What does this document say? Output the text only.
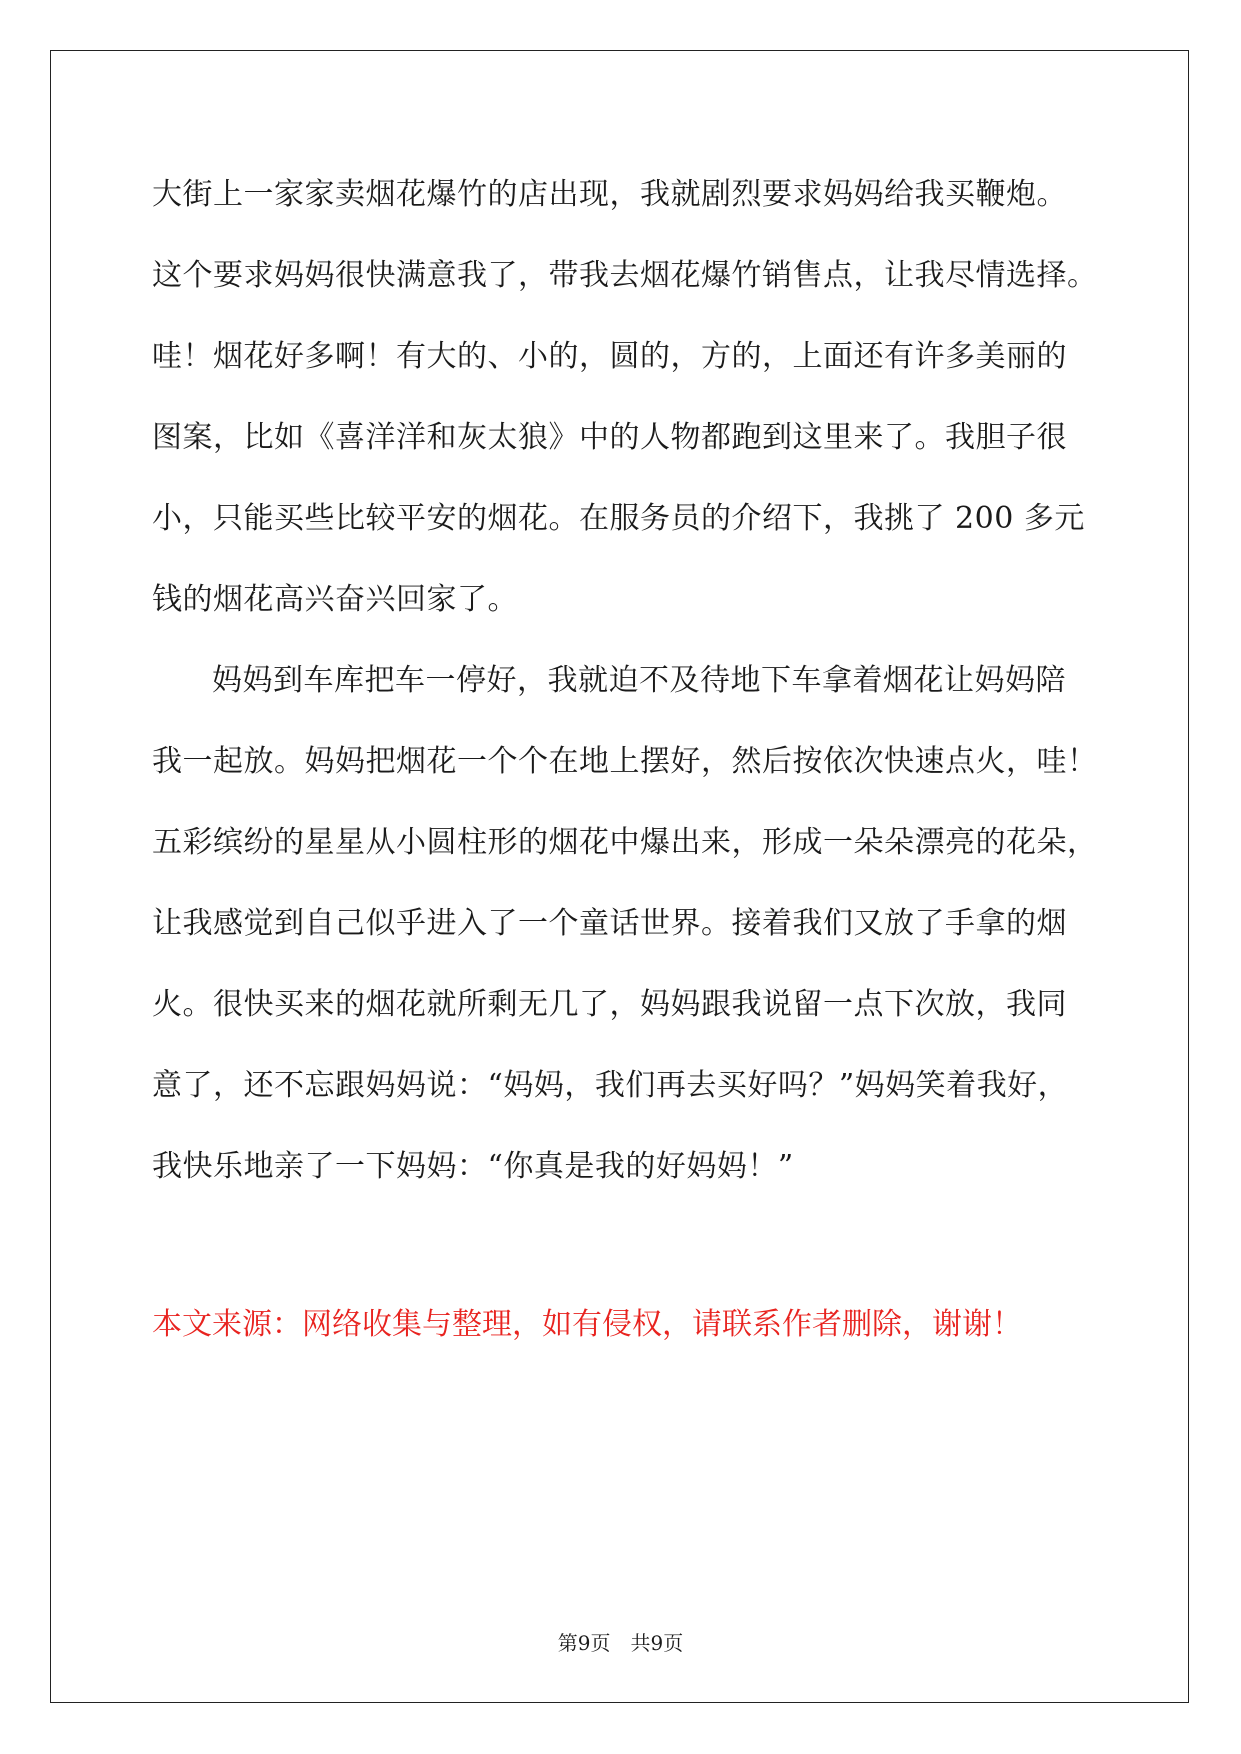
大街上一家家卖烟花爆竹的店出现，我就剧烈要求妈妈给我买鞭炮。
这个要求妈妈很快满意我了，带我去烟花爆竹销售点，让我尽情选择。
哇！烟花好多啊！有大的、小的，圆的，方的，上面还有许多美丽的
图案，比如《喜洋洋和灰太狼》中的人物都跑到这里来了。我胆子很
小，只能买些比较平安的烟花。在服务员的介绍下，我挑了 200 多元
钱的烟花高兴奋兴回家了。
妈妈到车库把车一停好，我就迫不及待地下车拿着烟花让妈妈陪
我一起放。妈妈把烟花一个个在地上摆好，然后按依次快速点火，哇！
五彩缤纷的星星从小圆柱形的烟花中爆出来，形成一朵朵漂亮的花朵，
让我感觉到自己似乎进入了一个童话世界。接着我们又放了手拿的烟
火。很快买来的烟花就所剩无几了，妈妈跟我说留一点下次放，我同
意了，还不忘跟妈妈说：“妈妈，我们再去买好吗？”妈妈笑着我好，
我快乐地亲了一下妈妈：“你真是我的好妈妈！”
本文来源：网络收集与整理，如有侵权，请联系作者删除，谢谢！
第9页 共9页
